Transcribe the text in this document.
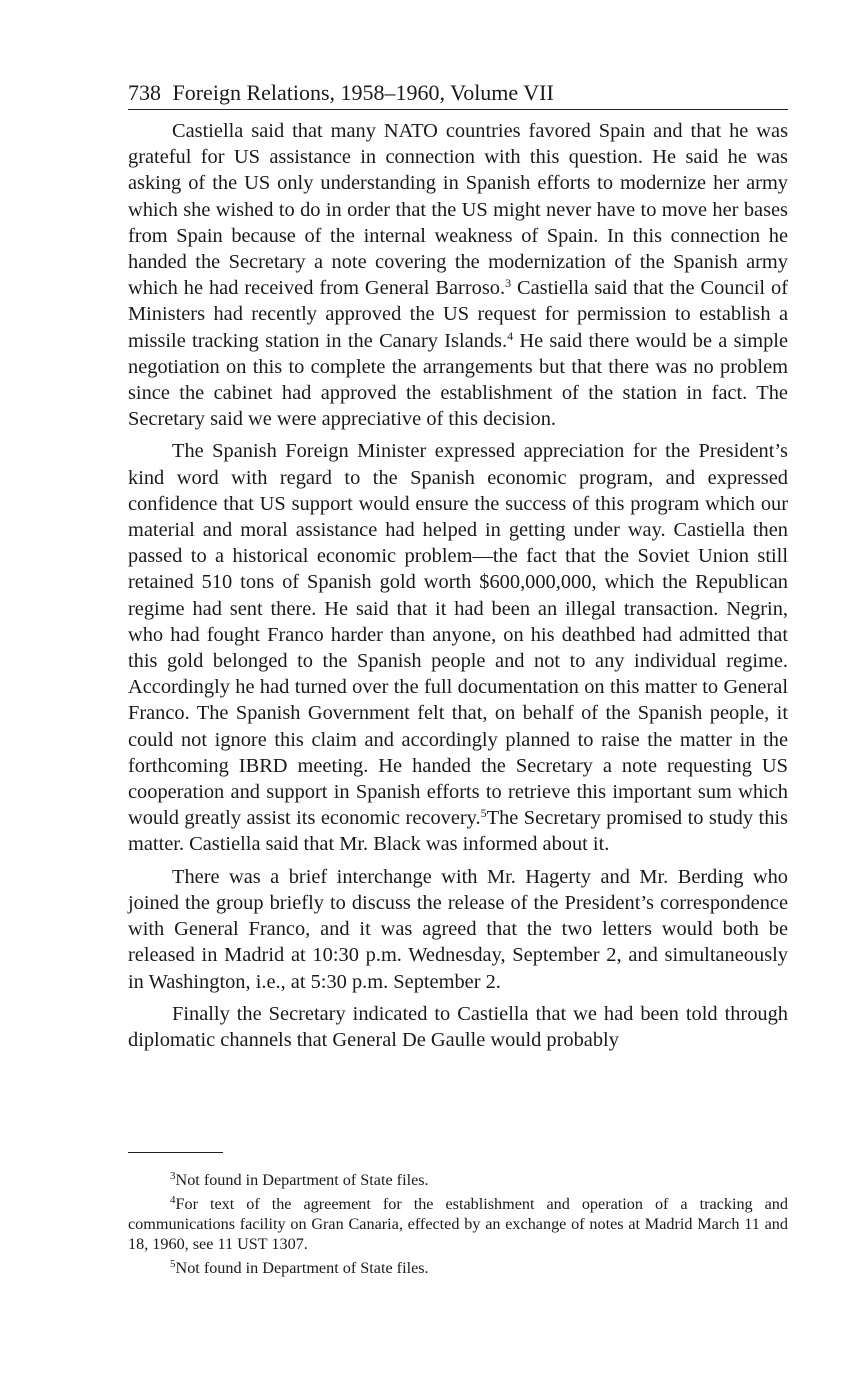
738 Foreign Relations, 1958–1960, Volume VII

Castiella said that many NATO countries favored Spain and that he was grateful for US assistance in connection with this question. He said he was asking of the US only understanding in Spanish efforts to modernize her army which she wished to do in order that the US might never have to move her bases from Spain because of the internal weakness of Spain. In this connection he handed the Secretary a note covering the modernization of the Spanish army which he had received from General Barroso.$^3$ Castiella said that the Council of Ministers had recently approved the US request for permission to establish a missile tracking station in the Canary Islands.$^4$ He said there would be a simple negotiation on this to complete the arrangements but that there was no problem since the cabinet had approved the establishment of the station in fact. The Secretary said we were appreciative of this decision.

The Spanish Foreign Minister expressed appreciation for the President’s kind word with regard to the Spanish economic program, and expressed confidence that US support would ensure the success of this program which our material and moral assistance had helped in getting under way. Castiella then passed to a historical economic problem—the fact that the Soviet Union still retained 510 tons of Spanish gold worth $600,000,000, which the Republican regime had sent there. He said that it had been an illegal transaction. Negrin, who had fought Franco harder than anyone, on his deathbed had admitted that this gold belonged to the Spanish people and not to any individual regime. Accordingly he had turned over the full documentation on this matter to General Franco. The Spanish Government felt that, on behalf of the Spanish people, it could not ignore this claim and accordingly planned to raise the matter in the forthcoming IBRD meeting. He handed the Secretary a note requesting US cooperation and support in Spanish efforts to retrieve this important sum which would greatly assist its economic recovery.$^5$The Secretary promised to study this matter. Castiella said that Mr. Black was informed about it.

There was a brief interchange with Mr. Hagerty and Mr. Berding who joined the group briefly to discuss the release of the President’s correspondence with General Franco, and it was agreed that the two letters would both be released in Madrid at 10:30 p.m. Wednesday, September 2, and simultaneously in Washington, i.e., at 5:30 p.m. September 2.

Finally the Secretary indicated to Castiella that we had been told through diplomatic channels that General De Gaulle would probably

$^3$Not found in Department of State files.

$^4$For text of the agreement for the establishment and operation of a tracking and communications facility on Gran Canaria, effected by an exchange of notes at Madrid March 11 and 18, 1960, see 11 UST 1307.

$^5$Not found in Department of State files.
